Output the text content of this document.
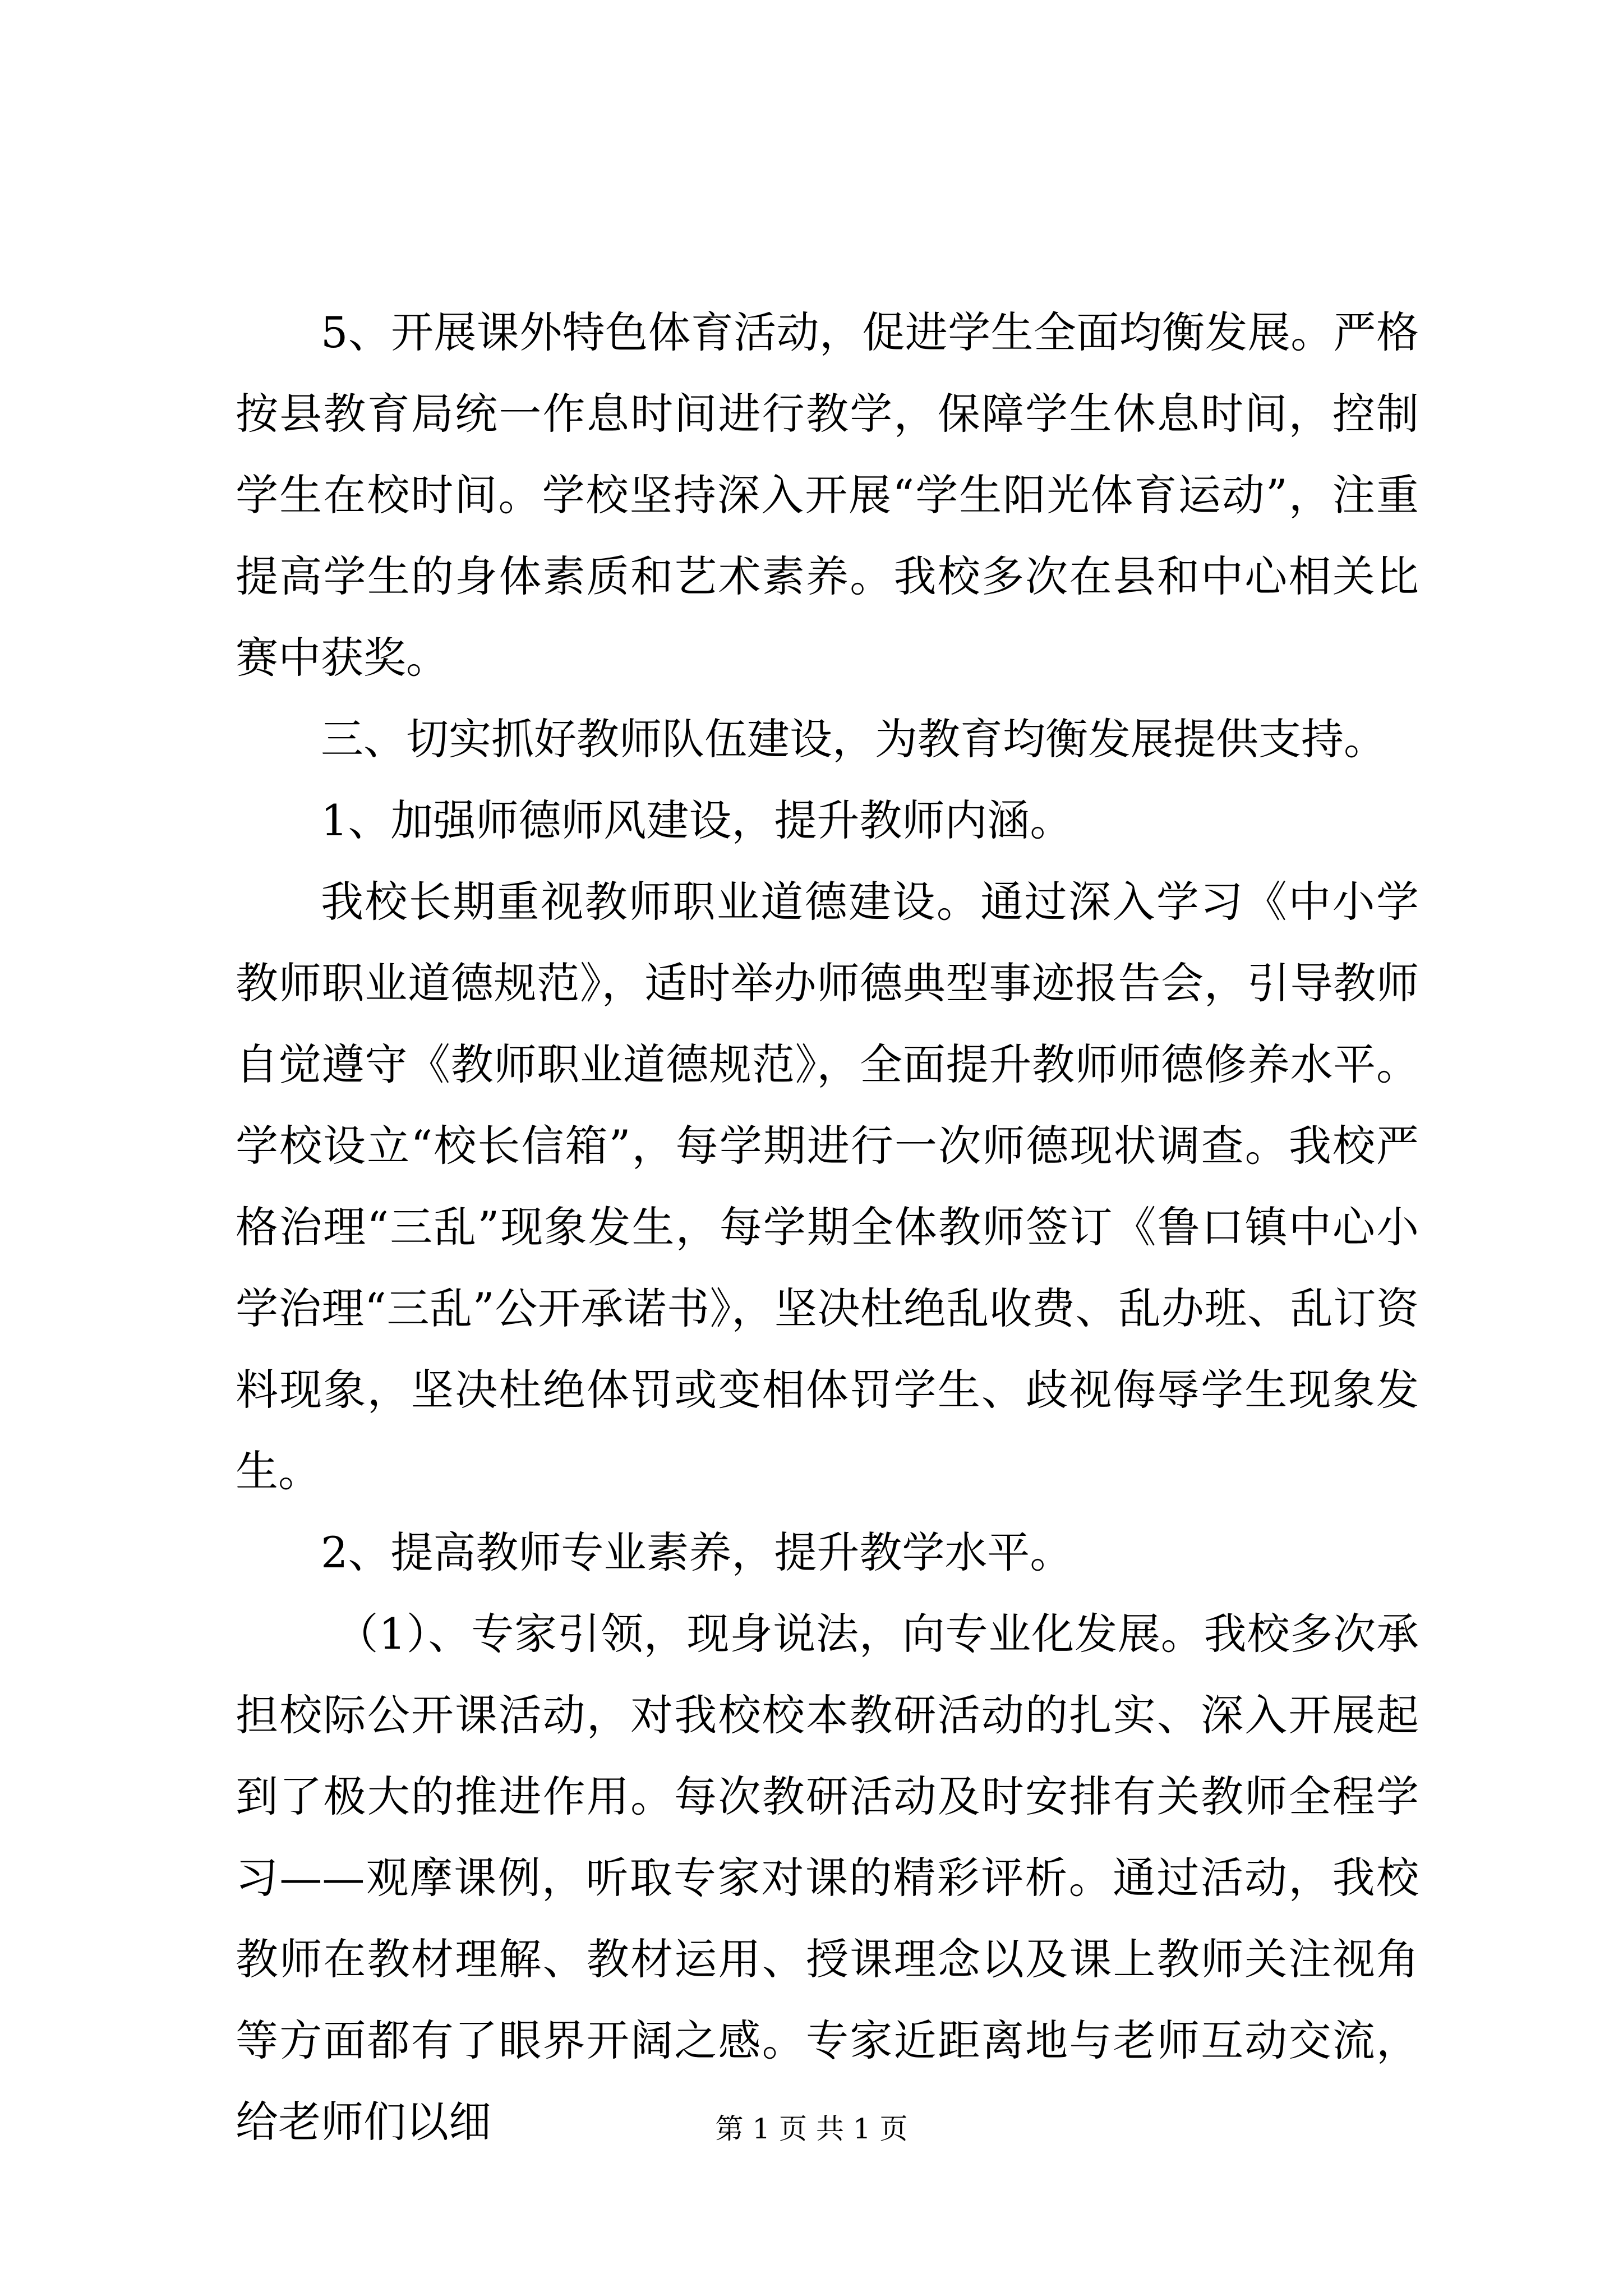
5、开展课外特色体育活动，促进学生全面均衡发展。严格按县教育局统一作息时间进行教学，保障学生休息时间，控制学生在校时间。学校坚持深入开展“学生阳光体育运动”，注重提高学生的身体素质和艺术素养。我校多次在县和中心相关比赛中获奖。

三、切实抓好教师队伍建设，为教育均衡发展提供支持。

1、加强师德师风建设，提升教师内涵。

我校长期重视教师职业道德建设。通过深入学习《中小学教师职业道德规范》，适时举办师德典型事迹报告会，引导教师自觉遵守《教师职业道德规范》，全面提升教师师德修养水平。学校设立“校长信箱”，每学期进行一次师德现状调查。我校严格治理“三乱”现象发生，每学期全体教师签订《鲁口镇中心小学治理“三乱”公开承诺书》，坚决杜绝乱收费、乱办班、乱订资料现象，坚决杜绝体罚或变相体罚学生、歧视侮辱学生现象发生。

2、提高教师专业素养，提升教学水平。

（1）、专家引领，现身说法，向专业化发展。我校多次承担校际公开课活动，对我校校本教研活动的扎实、深入开展起到了极大的推进作用。每次教研活动及时安排有关教师全程学习——观摩课例，听取专家对课的精彩评析。通过活动，我校教师在教材理解、教材运用、授课理念以及课上教师关注视角等方面都有了眼界开阔之感。专家近距离地与老师互动交流，给老师们以细	第 1 页 共 1 页
